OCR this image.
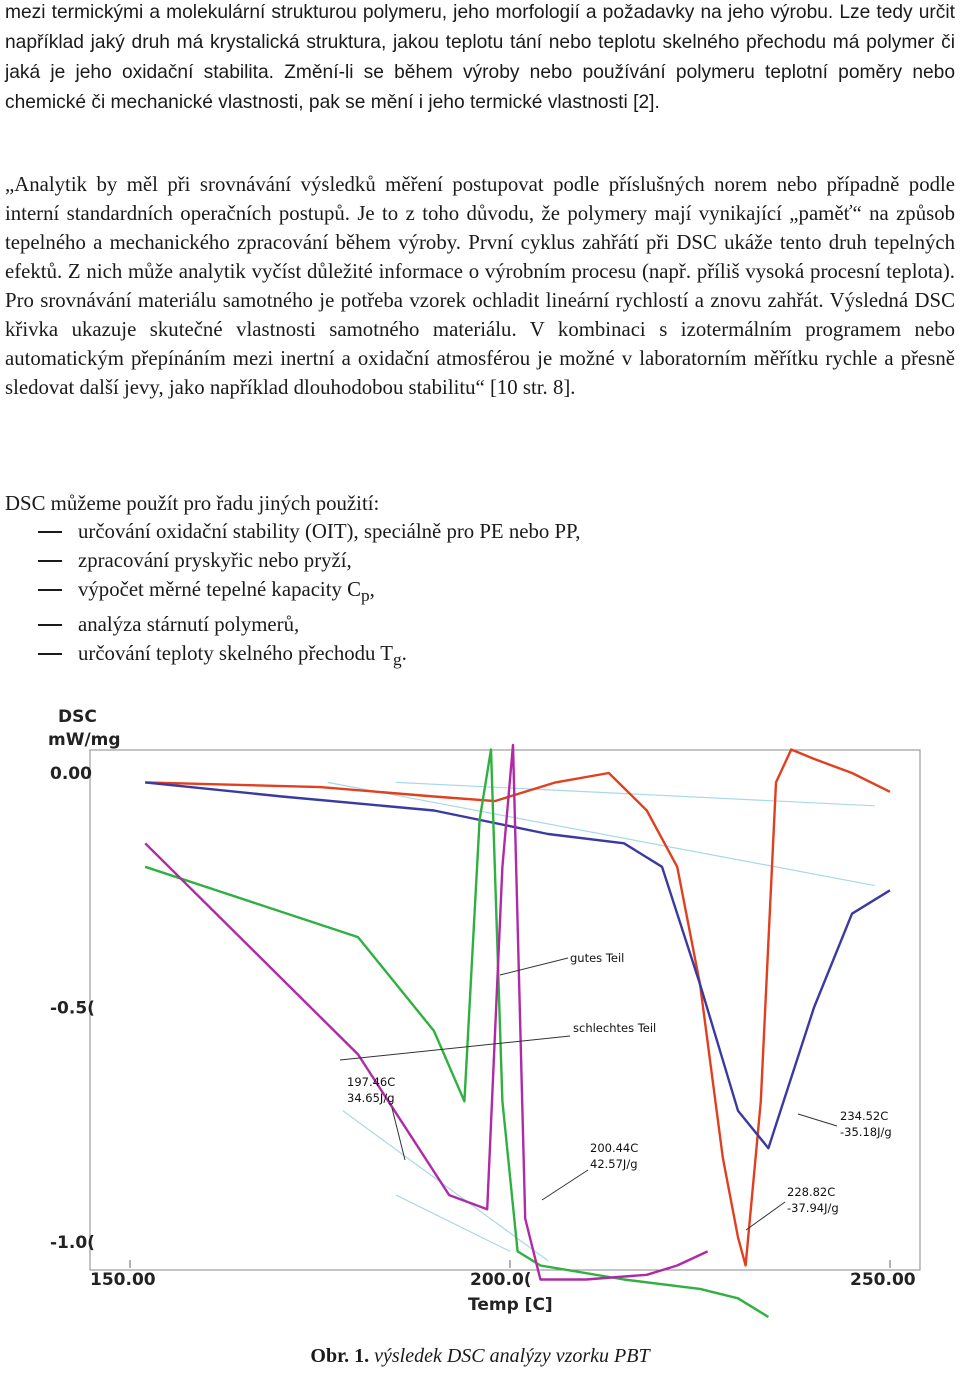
mezi termickými a molekulární strukturou polymeru, jeho morfologií a požadavky na jeho výrobu. Lze tedy určit například jaký druh má krystalická struktura, jakou teplotu tání nebo teplotu skelného přechodu má polymer či jaká je jeho oxidační stabilita. Změní-li se během výroby nebo používání polymeru teplotní poměry nebo chemické či mechanické vlastnosti, pak se mění i jeho termické vlastnosti [2].

„Analytik by měl při srovnávání výsledků měření postupovat podle příslušných norem nebo případně podle interní standardních operačních postupů. Je to z toho důvodu, že polymery mají vynikající „paměť“ na způsob tepelného a mechanického zpracování během výroby. První cyklus zahřátí při DSC ukáže tento druh tepelných efektů. Z nich může analytik vyčíst důležité informace o výrobním procesu (např. příliš vysoká procesní teplota). Pro srovnávání materiálu samotného je potřeba vzorek ochladit lineární rychlostí a znovu zahřát. Výsledná DSC křivka ukazuje skutečné vlastnosti samotného materiálu. V kombinaci s izotermálním programem nebo automatickým přepínáním mezi inertní a oxidační atmosférou je možné v laboratorním měřítku rychle a přesně sledovat další jevy, jako například dlouhodobou stabilitu“ [10 str. 8].

DSC můžeme použít pro řadu jiných použití:

určování oxidační stability (OIT), speciálně pro PE nebo PP,
zpracování pryskyřic nebo pryží,
výpočet měrné tepelné kapacity $C_p$,
analýza stárnutí polymerů,
určování teploty skelného přechodu $T_g$.
DSC
mW/mg
Temp [C]
0.00
-0.5(
-1.0(
150.00	200.0(	250.00
gutes Teil
schlechtes Teil
197.46C
34.65J/g
200.44C
42.57J/g
234.52C
-35.18J/g
228.82C
-37.94J/g
Obr. 1. výsledek DSC analýzy vzorku PBT
